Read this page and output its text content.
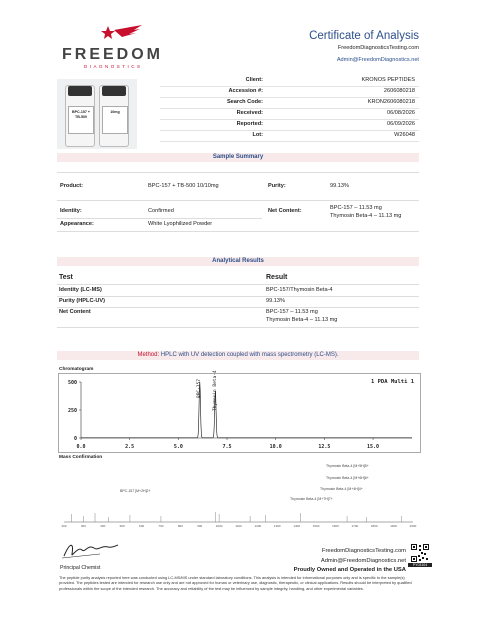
FREEDOM
DIAGNOSTICS
Certificate of Analysis
FreedomDiagnosticsTesting.com
Admin@FreedomDiagnostics.net
BPC-157 + TB-500
10mg
Client:	KRONOS PEPTIDES
Accession #:	2606080218
Search Code:	KRON2606080218
Received:	06/08/2026
Reported:	06/09/2026
Lot:	W26048
Sample Summary
Product:	BPC-157 + TB-500 10/10mg	Purity:	99.13%
Identity:	Confirmed	Net Content:	BPC-157 – 11.53 mg
Thymosin Beta-4 – 11.13 mg
Appearance:	White Lyophilized Powder
Analytical Results
Test	Result
Identity (LC-MS)	BPC-157/Thymosin Beta-4
Purity (HPLC-UV)	99.13%
Net Content	BPC-157 – 11.53 mg
Thymosin Beta-4 – 11.13 mg
Method: HPLC with UV detection coupled with mass spectrometry (LC-MS).
Chromatogram
0.0	2.5	5.0	7.5	10.0	12.5	15.0
0
250
500	1 PDA Multi 1
BPC-157 Thymosin Beta-4
Mass Confirmation
200	300	400	500	600	700	800	900	1000	1100	1200	1300	1400	1500	1600	1700	1800	1900	2000
Thymosin Beta-4 [M+5H]5+
Thymosin Beta-4 [M+6H]6+
Thymosin Beta-4 [M+4H]4+
BPC-157 [M+2H]2+
Thymosin Beta-4 [M+7H]7+
Principal Chemist
FreedomDiagnosticsTesting.com
Admin@FreedomDiagnostics.net
Proudly Owned and Operated in the USA
PY03104
The peptide purity analysis reported here was conducted using LC-MS/MS under standard laboratory conditions. This analysis is intended for informational purposes only and is specific to the sample(s) provided. The peptides tested are intended for research use only and are not approved for human or veterinary use, diagnostic, therapeutic, or clinical applications. Results should be interpreted by qualified professionals within the scope of the intended research. The accuracy and reliability of the test may be influenced by sample integrity, handling, and other experimental variables.
